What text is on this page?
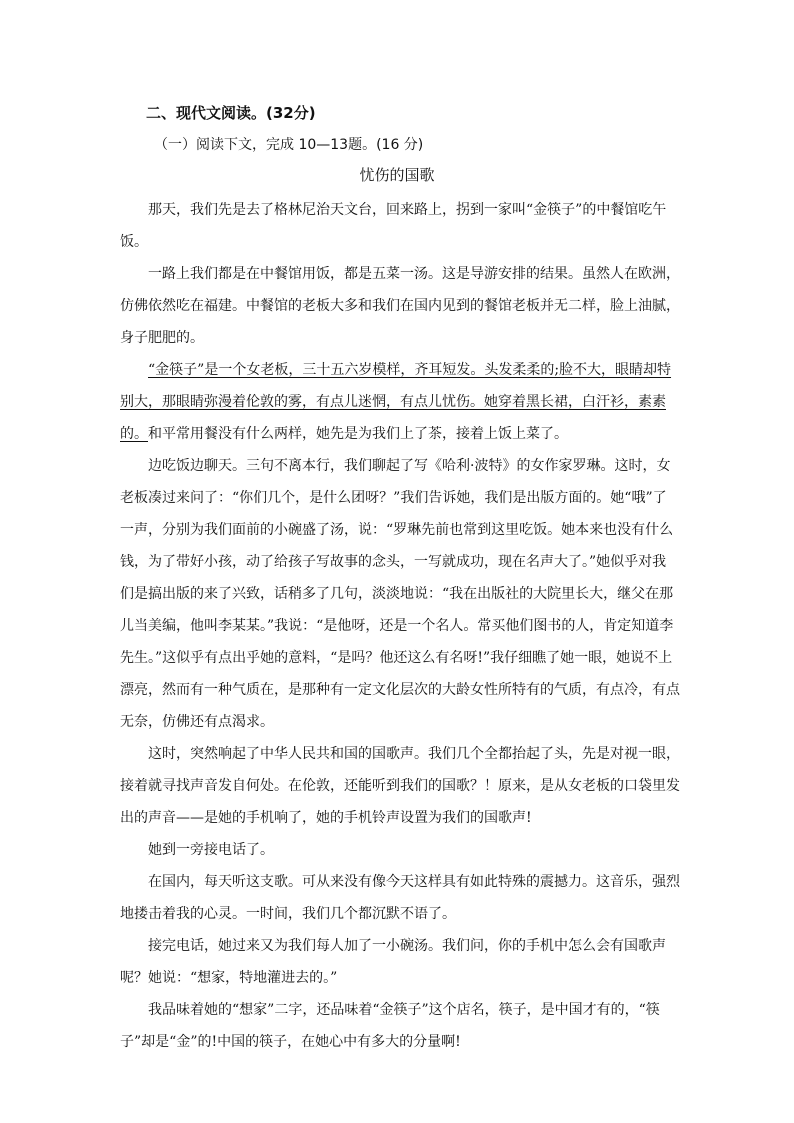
二、现代文阅读。(32分)
（一）阅读下文，完成 10—13题。(16 分)
忧伤的国歌

那天，我们先是去了格林尼治天文台，回来路上，拐到一家叫“金筷子”的中餐馆吃午饭。

一路上我们都是在中餐馆用饭，都是五菜一汤。这是导游安排的结果。虽然人在欧洲，仿佛依然吃在福建。中餐馆的老板大多和我们在国内见到的餐馆老板并无二样，脸上油腻，身子肥肥的。

“金筷子”是一个女老板，三十五六岁模样，齐耳短发。头发柔柔的;脸不大，眼睛却特别大，那眼睛弥漫着伦敦的雾，有点儿迷惘，有点儿忧伤。她穿着黑长裙，白汗衫，素素的。和平常用餐没有什么两样，她先是为我们上了茶，接着上饭上菜了。

边吃饭边聊天。三句不离本行，我们聊起了写《哈利·波特》的女作家罗琳。这时，女老板凑过来问了：“你们几个，是什么团呀？”我们告诉她，我们是出版方面的。她“哦”了一声，分别为我们面前的小碗盛了汤，说：“罗琳先前也常到这里吃饭。她本来也没有什么钱，为了带好小孩，动了给孩子写故事的念头，一写就成功，现在名声大了。”她似乎对我们是搞出版的来了兴致，话稍多了几句，淡淡地说：“我在出版社的大院里长大，继父在那儿当美编，他叫李某某。”我说：“是他呀，还是一个名人。常买他们图书的人，肯定知道李先生。”这似乎有点出乎她的意料，“是吗？他还这么有名呀!”我仔细瞧了她一眼，她说不上漂亮，然而有一种气质在，是那种有一定文化层次的大龄女性所特有的气质，有点冷，有点无奈，仿佛还有点渴求。

这时，突然响起了中华人民共和国的国歌声。我们几个全都抬起了头，先是对视一眼，接着就寻找声音发自何处。在伦敦，还能听到我们的国歌？！原来，是从女老板的口袋里发出的声音——是她的手机响了，她的手机铃声设置为我们的国歌声!

她到一旁接电话了。

在国内，每天听这支歌。可从来没有像今天这样具有如此特殊的震撼力。这音乐，强烈地搂击着我的心灵。一时间，我们几个都沉默不语了。

接完电话，她过来又为我们每人加了一小碗汤。我们问，你的手机中怎么会有国歌声呢？她说：“想家，特地灌进去的。”

我品味着她的“想家”二字，还品味着“金筷子”这个店名，筷子，是中国才有的，“筷子”却是“金”的!中国的筷子，在她心中有多大的分量啊!
